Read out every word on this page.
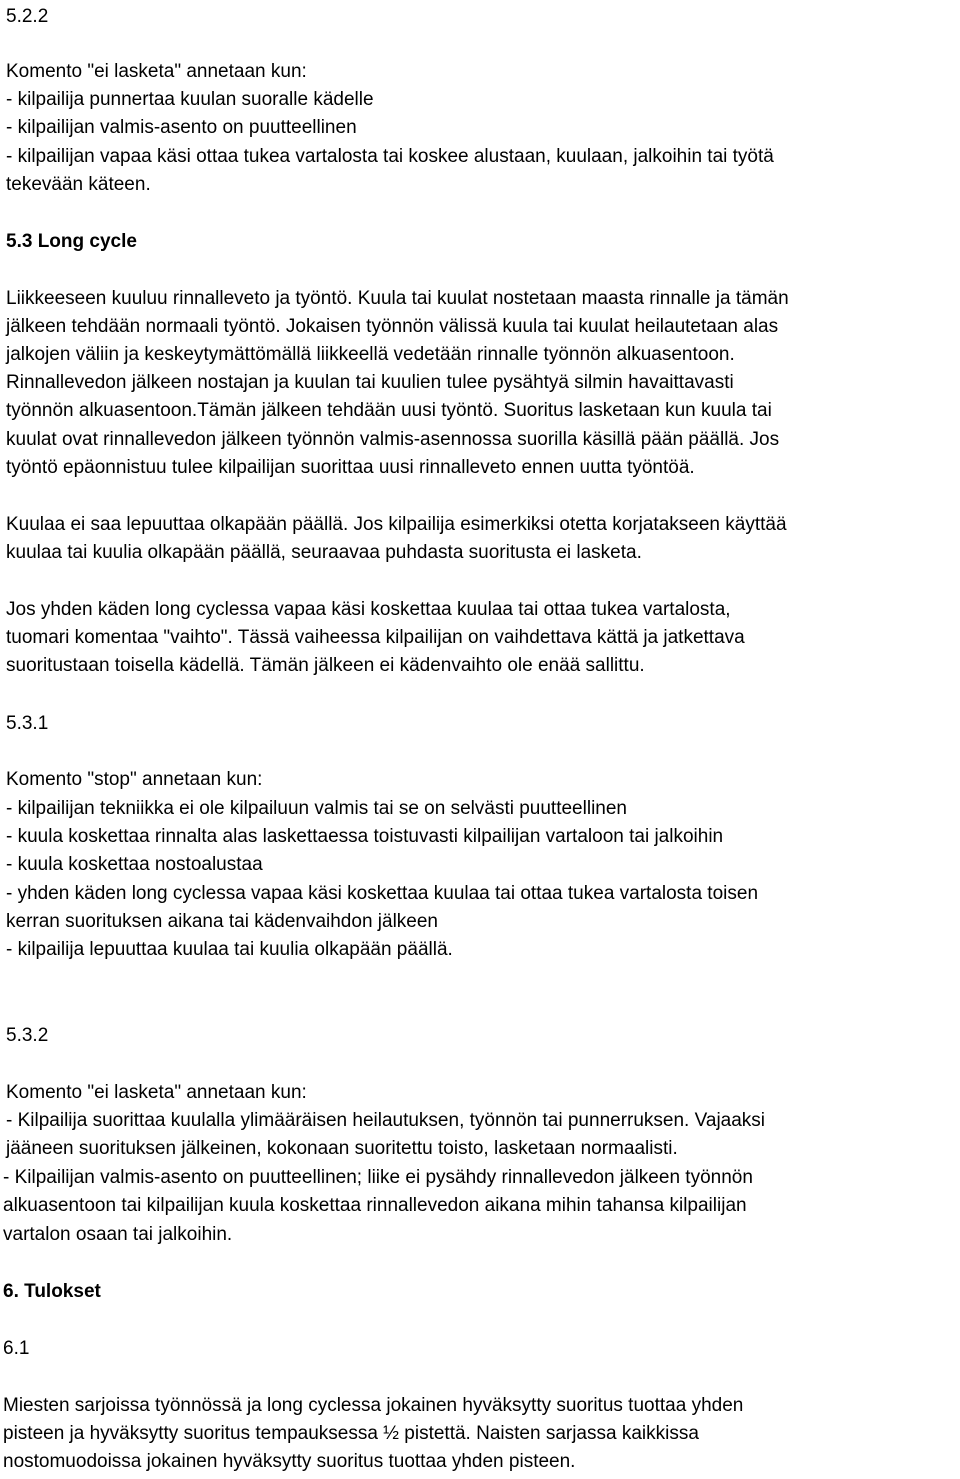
5.2.2

Komento "ei lasketa" annetaan kun:

- kilpailija punnertaa kuulan suoralle kädelle

- kilpailijan valmis-asento on puutteellinen

- kilpailijan vapaa käsi ottaa tukea vartalosta tai koskee alustaan, kuulaan, jalkoihin tai työtä

tekevään käteen.

5.3 Long cycle

Liikkeeseen kuuluu rinnalleveto ja työntö. Kuula tai kuulat nostetaan maasta rinnalle ja tämän

jälkeen tehdään normaali työntö. Jokaisen työnnön välissä kuula tai kuulat heilautetaan alas

jalkojen väliin ja keskeytymättömällä liikkeellä vedetään rinnalle työnnön alkuasentoon.

Rinnallevedon jälkeen nostajan ja kuulan tai kuulien tulee pysähtyä silmin havaittavasti

työnnön alkuasentoon.Tämän jälkeen tehdään uusi työntö. Suoritus lasketaan kun kuula tai

kuulat ovat rinnallevedon jälkeen työnnön valmis-asennossa suorilla käsillä pään päällä. Jos

työntö epäonnistuu tulee kilpailijan suorittaa uusi rinnalleveto ennen uutta työntöä.

Kuulaa ei saa lepuuttaa olkapään päällä. Jos kilpailija esimerkiksi otetta korjatakseen käyttää

kuulaa tai kuulia olkapään päällä, seuraavaa puhdasta suoritusta ei lasketa.

Jos yhden käden long cyclessa vapaa käsi koskettaa kuulaa tai ottaa tukea vartalosta,

tuomari komentaa "vaihto". Tässä vaiheessa kilpailijan on vaihdettava kättä ja jatkettava

suoritustaan toisella kädellä. Tämän jälkeen ei kädenvaihto ole enää sallittu.

5.3.1

Komento "stop" annetaan kun:

- kilpailijan tekniikka ei ole kilpailuun valmis tai se on selvästi puutteellinen

- kuula koskettaa rinnalta alas laskettaessa toistuvasti kilpailijan vartaloon tai jalkoihin

- kuula koskettaa nostoalustaa

- yhden käden long cyclessa vapaa käsi koskettaa kuulaa tai ottaa tukea vartalosta toisen

kerran suorituksen aikana tai kädenvaihdon jälkeen

- kilpailija lepuuttaa kuulaa tai kuulia olkapään päällä.

5.3.2

Komento "ei lasketa" annetaan kun:

- Kilpailija suorittaa kuulalla ylimääräisen heilautuksen, työnnön tai punnerruksen. Vajaaksi

jääneen suorituksen jälkeinen, kokonaan suoritettu toisto, lasketaan normaalisti.

- Kilpailijan valmis-asento on puutteellinen; liike ei pysähdy rinnallevedon jälkeen työnnön

alkuasentoon tai kilpailijan kuula koskettaa rinnallevedon aikana mihin tahansa kilpailijan

vartalon osaan tai jalkoihin.

6. Tulokset

6.1

Miesten sarjoissa työnnössä ja long cyclessa jokainen hyväksytty suoritus tuottaa yhden

pisteen ja hyväksytty suoritus tempauksessa ½ pistettä. Naisten sarjassa kaikkissa

nostomuodoissa jokainen hyväksytty suoritus tuottaa yhden pisteen.
